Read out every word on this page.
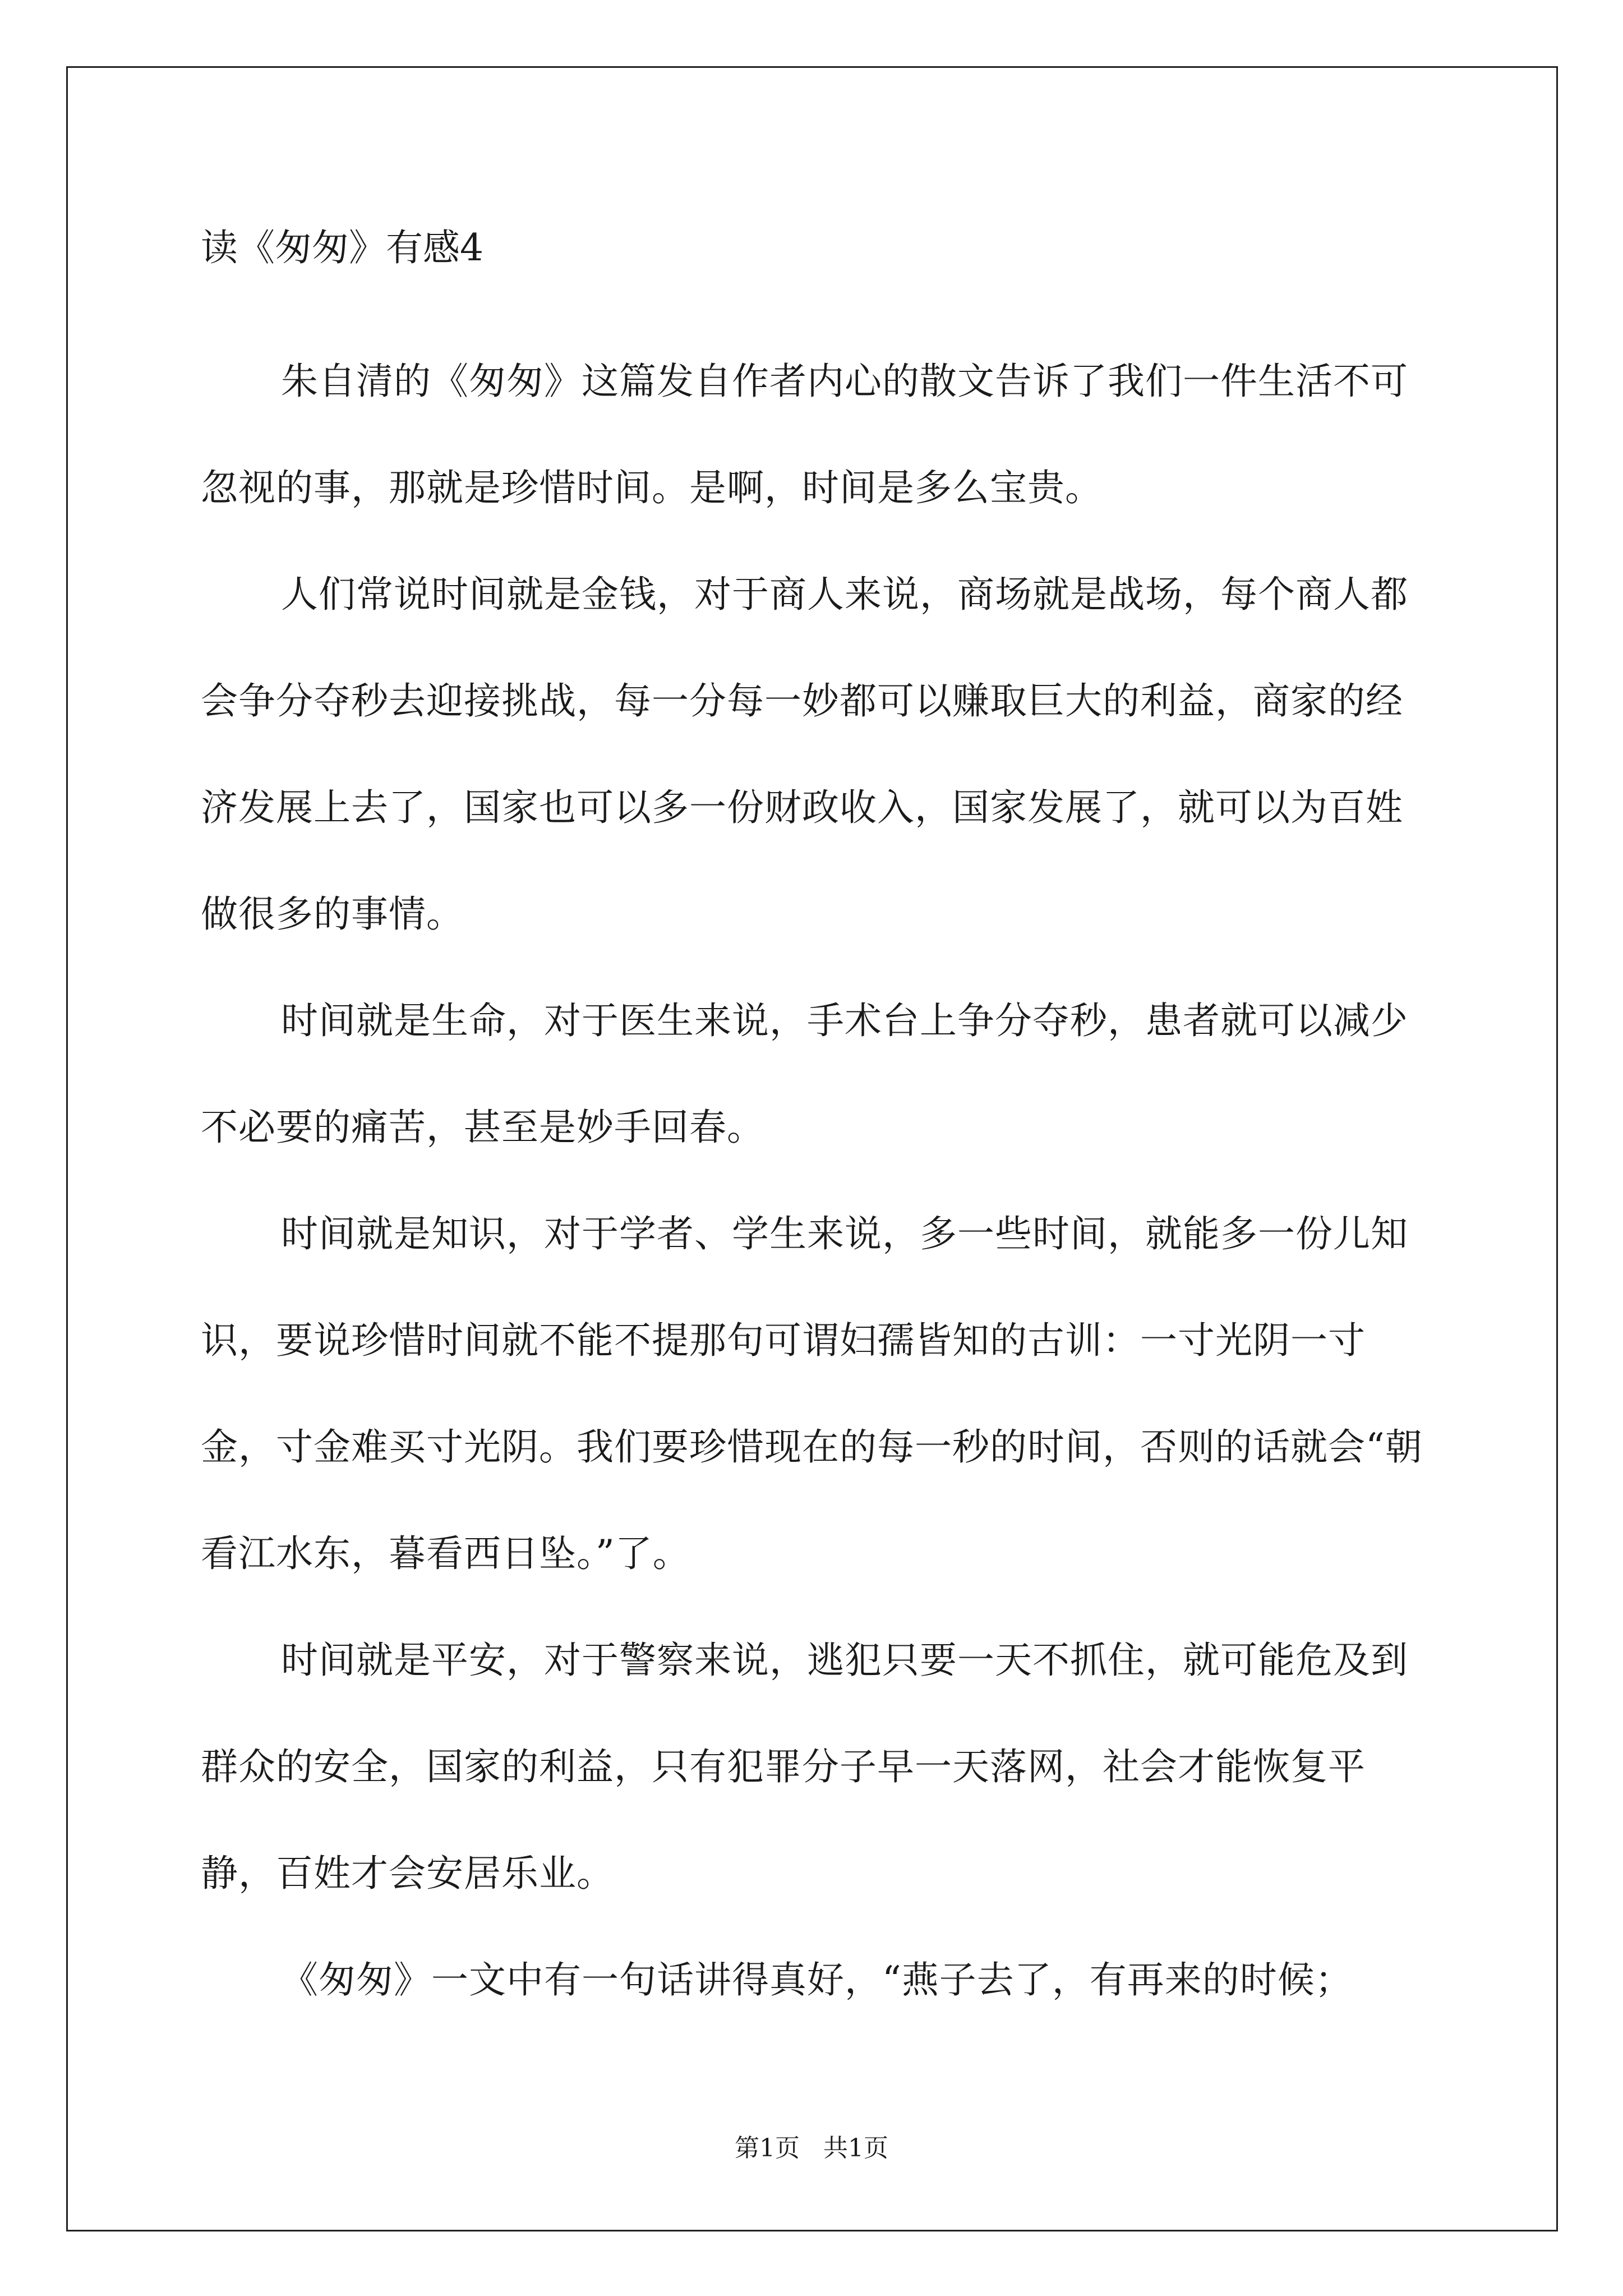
读《匆匆》有感4

朱自清的《匆匆》这篇发自作者内心的散文告诉了我们一件生活不可忽视的事，那就是珍惜时间。是啊，时间是多么宝贵。

人们常说时间就是金钱，对于商人来说，商场就是战场，每个商人都会争分夺秒去迎接挑战，每一分每一妙都可以赚取巨大的利益，商家的经济发展上去了，国家也可以多一份财政收入，国家发展了，就可以为百姓做很多的事情。

时间就是生命，对于医生来说，手术台上争分夺秒，患者就可以减少不必要的痛苦，甚至是妙手回春。

时间就是知识，对于学者、学生来说，多一些时间，就能多一份儿知识，要说珍惜时间就不能不提那句可谓妇孺皆知的古训：一寸光阴一寸金，寸金难买寸光阴。我们要珍惜现在的每一秒的时间，否则的话就会“朝看江水东，暮看西日坠。”了。

时间就是平安，对于警察来说，逃犯只要一天不抓住，就可能危及到群众的安全，国家的利益，只有犯罪分子早一天落网，社会才能恢复平静，百姓才会安居乐业。

《匆匆》一文中有一句话讲得真好，“燕子去了，有再来的时候；

第1页   共1页
